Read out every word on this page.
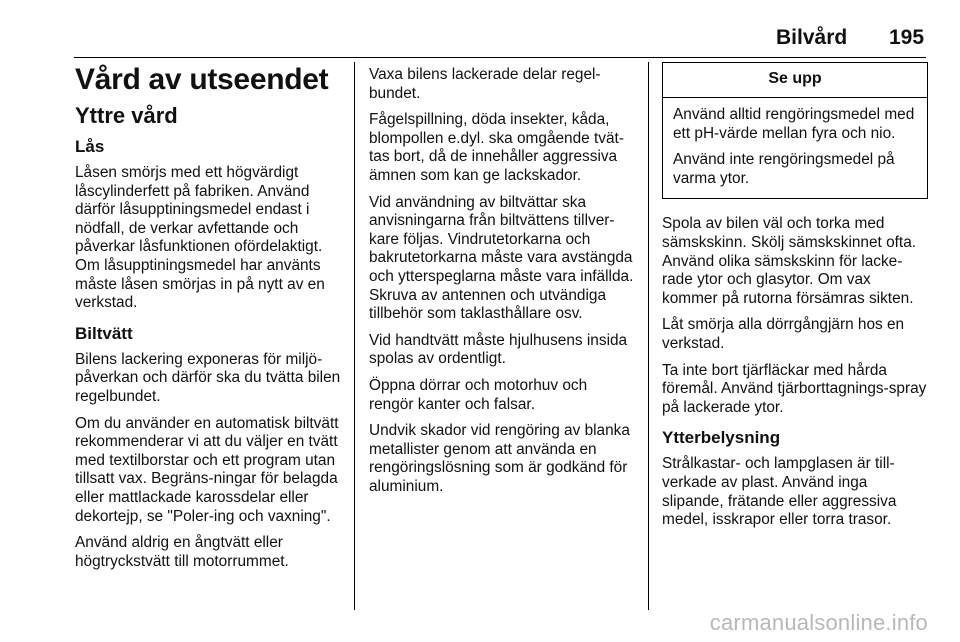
Bilvård 195
Vård av utseendet
Yttre vård
Lås

Låsen smörjs med ett högvärdigt låscylinderfett på fabriken. Använd därför låsupptiningsmedel endast i nödfall, de verkar avfettande och påverkar låsfunktionen ofördelaktigt. Om låsupptiningsmedel har använts måste låsen smörjas in på nytt av en verkstad.

Biltvätt

Bilens lackering exponeras för miljö-påverkan och därför ska du tvätta bilen regelbundet.

Om du använder en automatisk biltvätt rekommenderar vi att du väljer en tvätt med textilborstar och ett program utan tillsatt vax. Begräns-ningar för belagda eller mattlackade karossdelar eller dekortejp, se "Poler-ing och vaxning".

Använd aldrig en ångtvätt eller högtryckstvätt till motorrummet.

Vaxa bilens lackerade delar regel-bundet.

Fågelspillning, döda insekter, kåda, blompollen e.dyl. ska omgående tvät-tas bort, då de innehåller aggressiva ämnen som kan ge lackskador.

Vid användning av biltvättar ska anvisningarna från biltvättens tillver-kare följas. Vindrutetorkarna och bakrutetorkarna måste vara avstängda och ytterspeglarna måste vara infällda. Skruva av antennen och utvändiga tillbehör som taklasthållare osv.

Vid handtvätt måste hjulhusens insida spolas av ordentligt.

Öppna dörrar och motorhuv och rengör kanter och falsar.

Undvik skador vid rengöring av blanka metallister genom att använda en rengöringslösning som är godkänd för aluminium.

Se upp

Använd alltid rengöringsmedel med ett pH-värde mellan fyra och nio.

Använd inte rengöringsmedel på varma ytor.

Spola av bilen väl och torka med sämskskinn. Skölj sämskskinnet ofta. Använd olika sämskskinn för lacke-rade ytor och glasytor. Om vax kommer på rutorna försämras sikten.

Låt smörja alla dörrgångjärn hos en verkstad.

Ta inte bort tjärfläckar med hårda föremål. Använd tjärborttagnings-spray på lackerade ytor.

Ytterbelysning

Strålkastar- och lampglasen är till-verkade av plast. Använd inga slipande, frätande eller aggressiva medel, isskrapor eller torra trasor.

carmanualsonline.info
